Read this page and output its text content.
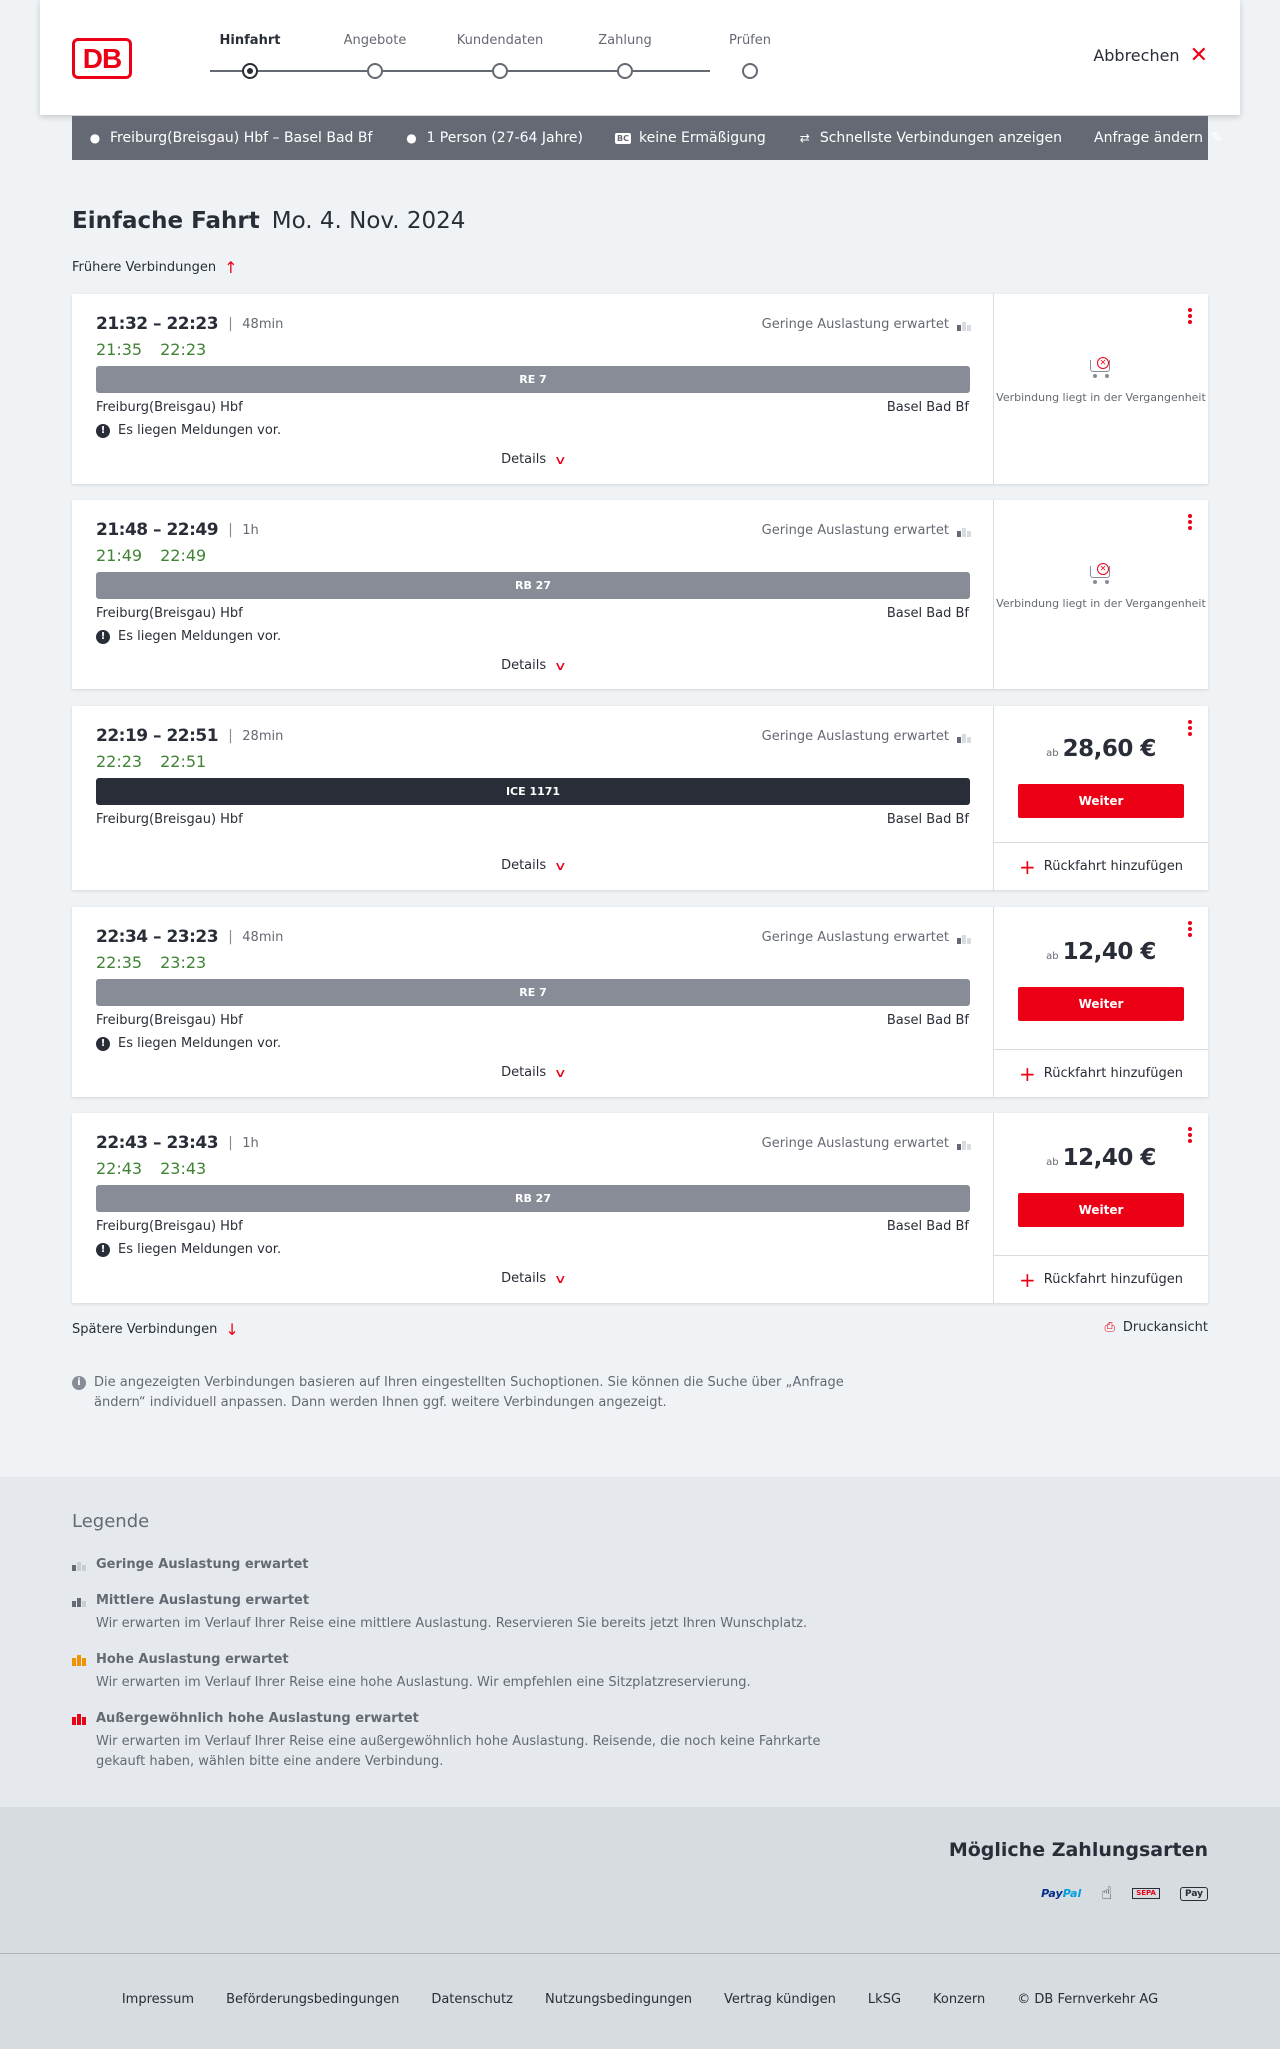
DB
Hinfahrt	Angebote	Kundendaten	Zahlung	Prüfen
Abbrechen ✕
● Freiburg(Breisgau) Hbf – Basel Bad Bf	● 1 Person (27-64 Jahre)	BC keine Ermäßigung	⇄ Schnellste Verbindungen anzeigen Anfrage ändern ✎
Einfache Fahrt Mo. 4. Nov. 2024
Frühere Verbindungen ↑
21:32 – 22:23 | 48min
21:35 22:23
Geringe Auslastung erwartet
RE 7
Freiburg(Breisgau) Hbf	Basel Bad Bf
! Es liegen Meldungen vor.
Details ∨
✕
Verbindung liegt in der Vergangenheit
21:48 – 22:49 | 1h
21:49 22:49
Geringe Auslastung erwartet
RB 27
Freiburg(Breisgau) Hbf	Basel Bad Bf
! Es liegen Meldungen vor.
Details ∨
✕
Verbindung liegt in der Vergangenheit
22:19 – 22:51 | 28min
22:23 22:51
Geringe Auslastung erwartet
ICE 1171
Freiburg(Breisgau) Hbf	Basel Bad Bf
Details ∨
ab 28,60 €
Weiter
+ Rückfahrt hinzufügen
22:34 – 23:23 | 48min
22:35 23:23
Geringe Auslastung erwartet
RE 7
Freiburg(Breisgau) Hbf	Basel Bad Bf
! Es liegen Meldungen vor.
Details ∨
ab 12,40 €
Weiter
+ Rückfahrt hinzufügen
22:43 – 23:43 | 1h
22:43 23:43
Geringe Auslastung erwartet
RB 27
Freiburg(Breisgau) Hbf	Basel Bad Bf
! Es liegen Meldungen vor.
Details ∨
ab 12,40 €
Weiter
+ Rückfahrt hinzufügen
Spätere Verbindungen ↓	⎙ Druckansicht
i	Die angezeigten Verbindungen basieren auf Ihren eingestellten Suchoptionen. Sie können die Suche über „Anfrage ändern“ individuell anpassen. Dann werden Ihnen ggf. weitere Verbindungen angezeigt.
Legende
Geringe Auslastung erwartet
Mittlere Auslastung erwartet
Wir erwarten im Verlauf Ihrer Reise eine mittlere Auslastung. Reservieren Sie bereits jetzt Ihren Wunschplatz.
Hohe Auslastung erwartet
Wir erwarten im Verlauf Ihrer Reise eine hohe Auslastung. Wir empfehlen eine Sitzplatzreservierung.
Außergewöhnlich hohe Auslastung erwartet
Wir erwarten im Verlauf Ihrer Reise eine außergewöhnlich hohe Auslastung. Reisende, die noch keine Fahrkarte gekauft haben, wählen bitte eine andere Verbindung.
Mögliche Zahlungsarten
PayPal ☝	SEPA	Pay
Impressum Beförderungsbedingungen Datenschutz Nutzungsbedingungen Vertrag kündigen LkSG Konzern © DB Fernverkehr AG
